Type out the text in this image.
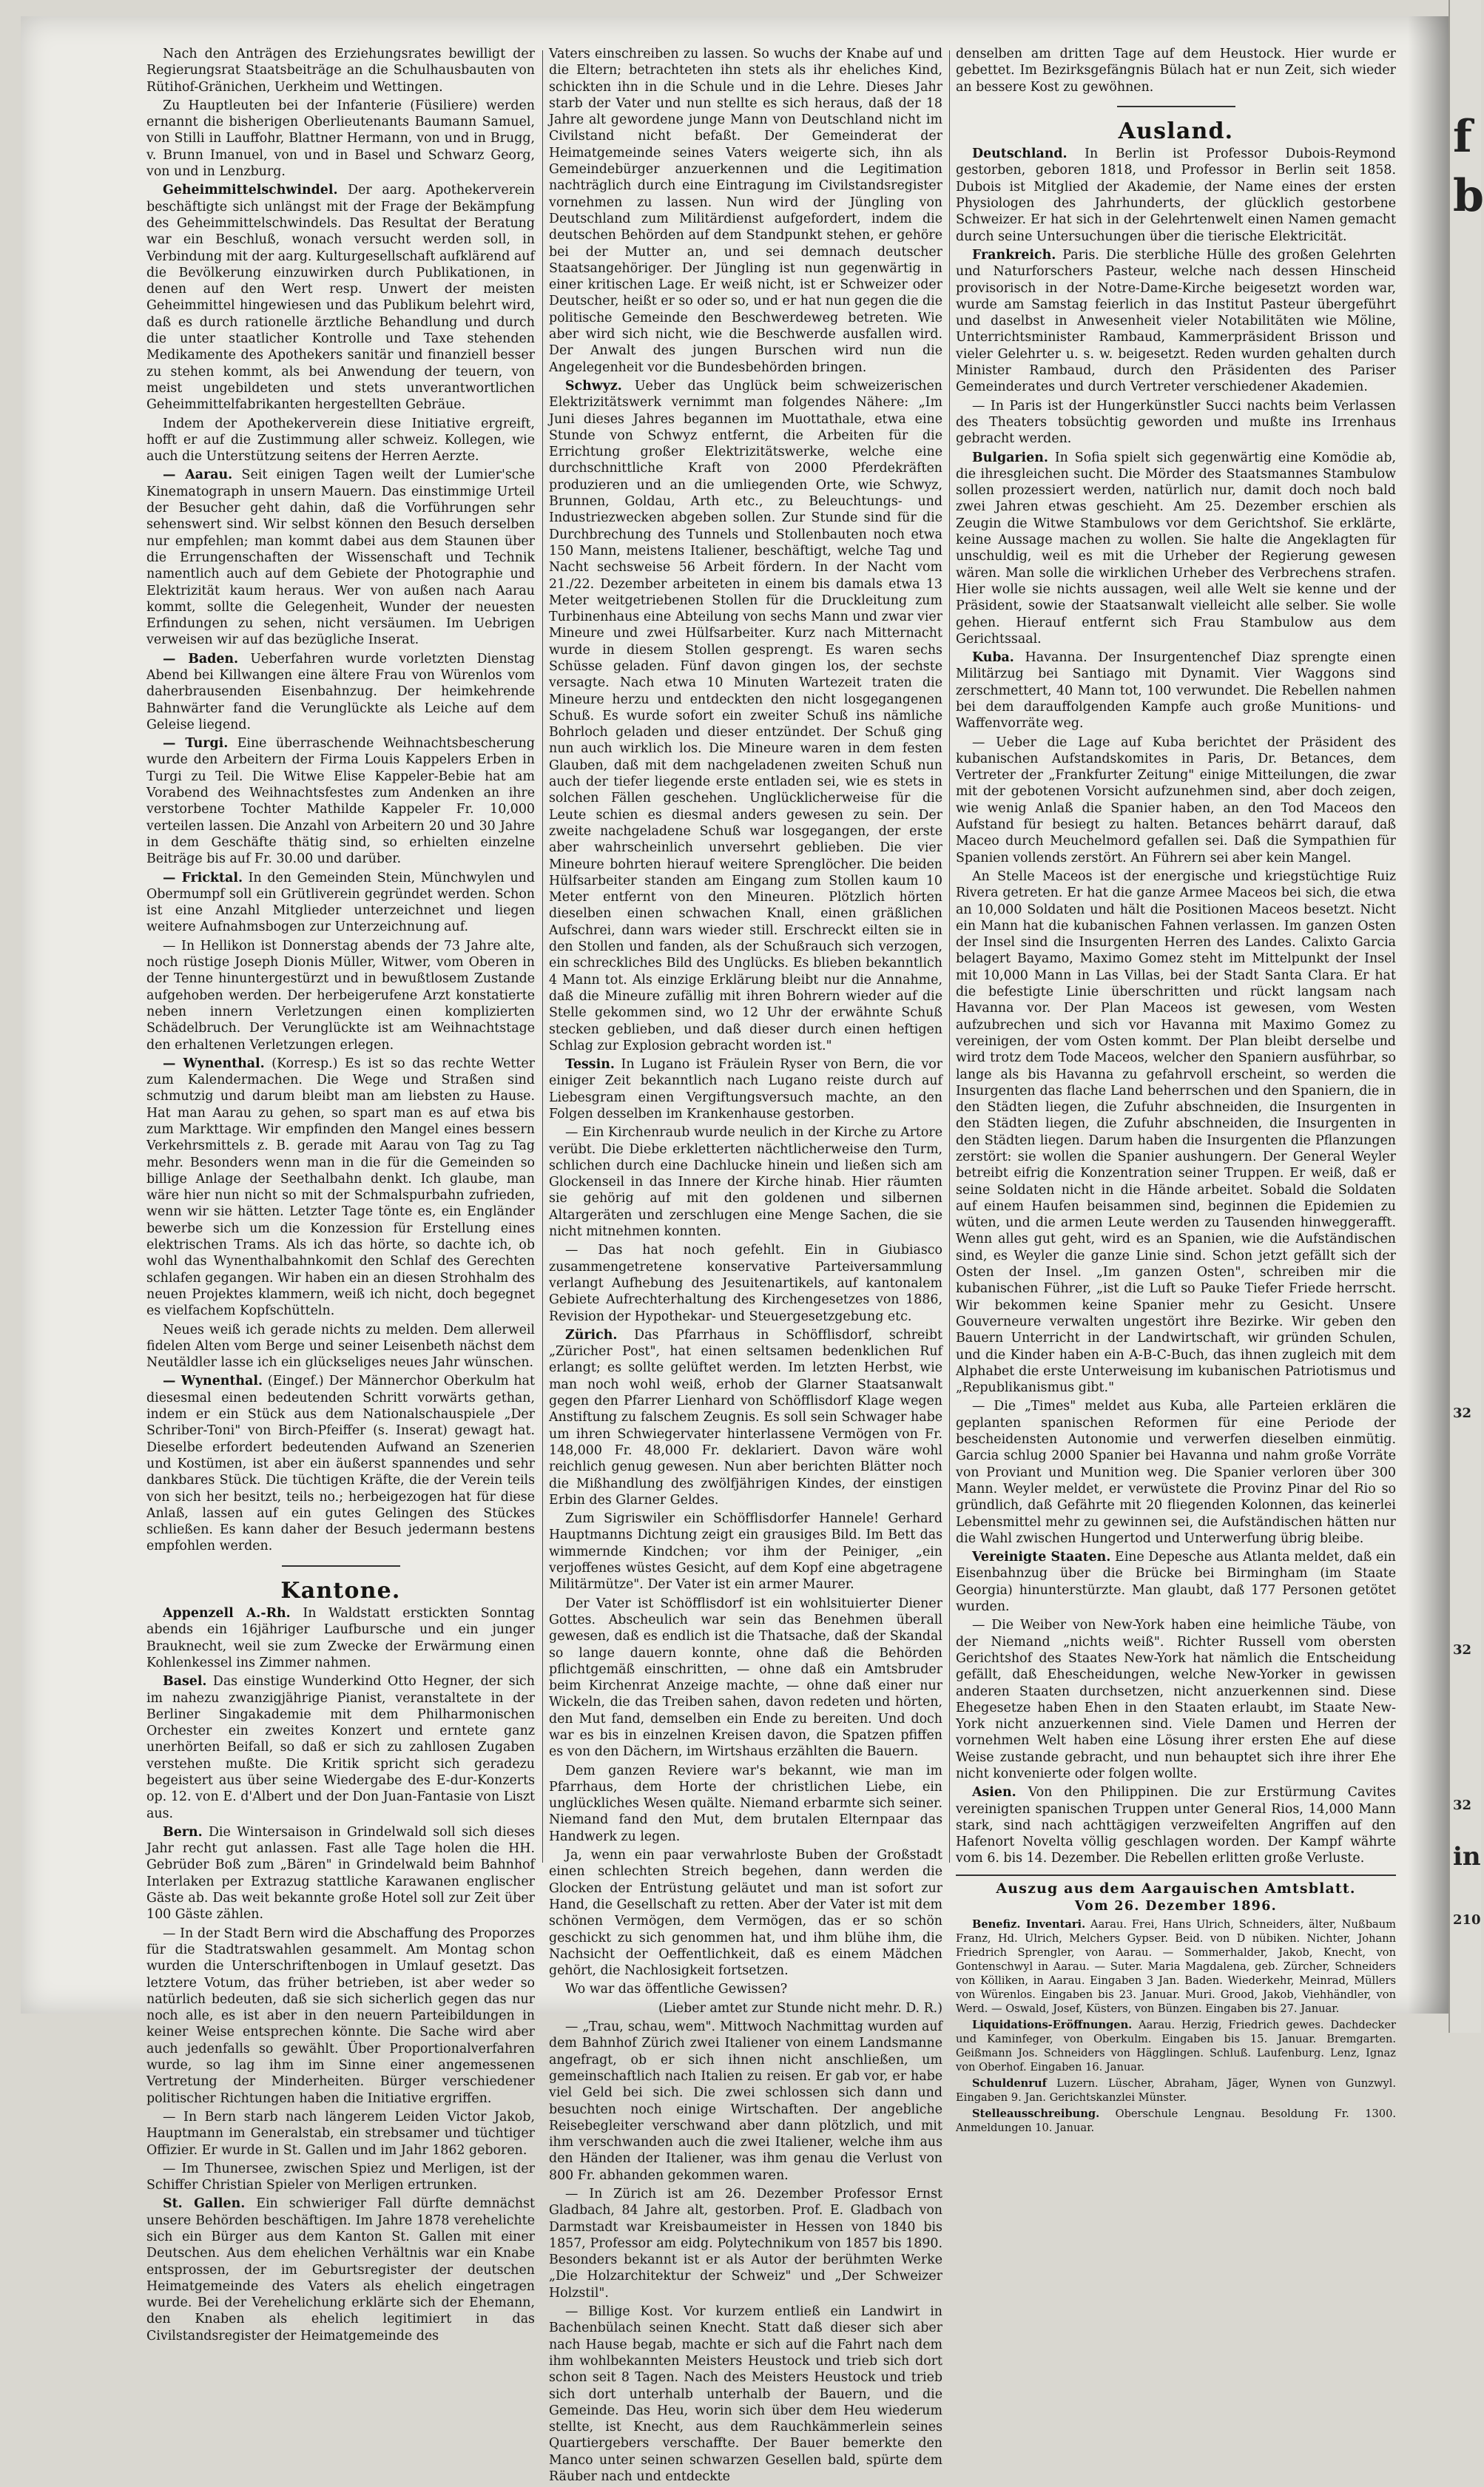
Nach den Anträgen des Erziehungsrates bewilligt der Regierungsrat Staatsbeiträge an die Schulhausbauten von Rütihof-Gränichen, Uerkheim und Wettingen.

Zu Hauptleuten bei der Infanterie (Füsiliere) werden ernannt die bisherigen Oberlieutenants Baumann Samuel, von Stilli in Lauffohr, Blattner Hermann, von und in Brugg, v. Brunn Imanuel, von und in Basel und Schwarz Georg, von und in Lenzburg.

Geheimmittelschwindel. Der aarg. Apothekerverein beschäftigte sich unlängst mit der Frage der Bekämpfung des Geheimmittelschwindels. Das Resultat der Beratung war ein Beschluß, wonach versucht werden soll, in Verbindung mit der aarg. Kulturgesellschaft aufklärend auf die Bevölkerung einzuwirken durch Publikationen, in denen auf den Wert resp. Unwert der meisten Geheimmittel hingewiesen und das Publikum belehrt wird, daß es durch rationelle ärztliche Behandlung und durch die unter staatlicher Kontrolle und Taxe stehenden Medikamente des Apothekers sanitär und finanziell besser zu stehen kommt, als bei Anwendung der teuern, von meist ungebildeten und stets unverantwortlichen Geheimmittelfabrikanten hergestellten Gebräue.

Indem der Apothekerverein diese Initiative ergreift, hofft er auf die Zustimmung aller schweiz. Kollegen, wie auch die Unterstützung seitens der Herren Aerzte.

— Aarau. Seit einigen Tagen weilt der Lumier'sche Kinematograph in unsern Mauern. Das einstimmige Urteil der Besucher geht dahin, daß die Vorführungen sehr sehenswert sind. Wir selbst können den Besuch derselben nur empfehlen; man kommt dabei aus dem Staunen über die Errungenschaften der Wissenschaft und Technik namentlich auch auf dem Gebiete der Photographie und Elektrizität kaum heraus. Wer von außen nach Aarau kommt, sollte die Gelegenheit, Wunder der neuesten Erfindungen zu sehen, nicht versäumen. Im Uebrigen verweisen wir auf das bezügliche Inserat.

— Baden. Ueberfahren wurde vorletzten Dienstag Abend bei Killwangen eine ältere Frau von Würenlos vom daherbrausenden Eisenbahnzug. Der heimkehrende Bahnwärter fand die Verunglückte als Leiche auf dem Geleise liegend.

— Turgi. Eine überraschende Weihnachtsbescherung wurde den Arbeitern der Firma Louis Kappelers Erben in Turgi zu Teil. Die Witwe Elise Kappeler-Bebie hat am Vorabend des Weihnachtsfestes zum Andenken an ihre verstorbene Tochter Mathilde Kappeler Fr. 10,000 verteilen lassen. Die Anzahl von Arbeitern 20 und 30 Jahre in dem Geschäfte thätig sind, so erhielten einzelne Beiträge bis auf Fr. 30.00 und darüber.

— Fricktal. In den Gemeinden Stein, Münchwylen und Obermumpf soll ein Grütliverein gegründet werden. Schon ist eine Anzahl Mitglieder unterzeichnet und liegen weitere Aufnahmsbogen zur Unterzeichnung auf.

— In Hellikon ist Donnerstag abends der 73 Jahre alte, noch rüstige Joseph Dionis Müller, Witwer, vom Oberen in der Tenne hinuntergestürzt und in bewußtlosem Zustande aufgehoben werden. Der herbeigerufene Arzt konstatierte neben innern Verletzungen einen komplizierten Schädelbruch. Der Verunglückte ist am Weihnachtstage den erhaltenen Verletzungen erlegen.

— Wynenthal. (Korresp.) Es ist so das rechte Wetter zum Kalendermachen. Die Wege und Straßen sind schmutzig und darum bleibt man am liebsten zu Hause. Hat man Aarau zu gehen, so spart man es auf etwa bis zum Markttage. Wir empfinden den Mangel eines bessern Verkehrsmittels z. B. gerade mit Aarau von Tag zu Tag mehr. Besonders wenn man in die für die Gemeinden so billige Anlage der Seethalbahn denkt. Ich glaube, man wäre hier nun nicht so mit der Schmalspurbahn zufrieden, wenn wir sie hätten. Letzter Tage tönte es, ein Engländer bewerbe sich um die Konzession für Erstellung eines elektrischen Trams. Als ich das hörte, so dachte ich, ob wohl das Wynenthalbahnkomit den Schlaf des Gerechten schlafen gegangen. Wir haben ein an diesen Strohhalm des neuen Projektes klammern, weiß ich nicht, doch begegnet es vielfachem Kopfschütteln.

Neues weiß ich gerade nichts zu melden. Dem allerweil fidelen Alten vom Berge und seiner Leisenbeth nächst dem Neutäldler lasse ich ein glückseliges neues Jahr wünschen.

— Wynenthal. (Eingef.) Der Männerchor Oberkulm hat diesesmal einen bedeutenden Schritt vorwärts gethan, indem er ein Stück aus dem Nationalschauspiele „Der Schriber-Toni" von Birch-Pfeiffer (s. Inserat) gewagt hat. Dieselbe erfordert bedeutenden Aufwand an Szenerien und Kostümen, ist aber ein äußerst spannendes und sehr dankbares Stück. Die tüchtigen Kräfte, die der Verein teils von sich her besitzt, teils no.; herbeigezogen hat für diese Anlaß, lassen auf ein gutes Gelingen des Stückes schließen. Es kann daher der Besuch jedermann bestens empfohlen werden.

Kantone.

Appenzell A.-Rh. In Waldstatt erstickten Sonntag abends ein 16jähriger Laufbursche und ein junger Brauknecht, weil sie zum Zwecke der Erwärmung einen Kohlenkessel ins Zimmer nahmen.

Basel. Das einstige Wunderkind Otto Hegner, der sich im nahezu zwanzigjährige Pianist, veranstaltete in der Berliner Singakademie mit dem Philharmonischen Orchester ein zweites Konzert und erntete ganz unerhörten Beifall, so daß er sich zu zahllosen Zugaben verstehen mußte. Die Kritik spricht sich geradezu begeistert aus über seine Wiedergabe des E-dur-Konzerts op. 12. von E. d'Albert und der Don Juan-Fantasie von Liszt aus.

Bern. Die Wintersaison in Grindelwald soll sich dieses Jahr recht gut anlassen. Fast alle Tage holen die HH. Gebrüder Boß zum „Bären" in Grindelwald beim Bahnhof Interlaken per Extrazug stattliche Karawanen englischer Gäste ab. Das weit bekannte große Hotel soll zur Zeit über 100 Gäste zählen.

— In der Stadt Bern wird die Abschaffung des Proporzes für die Stadtratswahlen gesammelt. Am Montag schon wurden die Unterschriftenbogen in Umlauf gesetzt. Das letztere Votum, das früher betrieben, ist aber weder so natürlich bedeuten, daß sie sich sicherlich gegen das nur noch alle, es ist aber in den neuern Parteibildungen in keiner Weise entsprechen könnte. Die Sache wird aber auch jedenfalls so gewählt. Über Proportionalverfahren wurde, so lag ihm im Sinne einer angemessenen Vertretung der Minderheiten. Bürger verschiedener politischer Richtungen haben die Initiative ergriffen.

— In Bern starb nach längerem Leiden Victor Jakob, Hauptmann im Generalstab, ein strebsamer und tüchtiger Offizier. Er wurde in St. Gallen und im Jahr 1862 geboren.

— Im Thunersee, zwischen Spiez und Merligen, ist der Schiffer Christian Spieler von Merligen ertrunken.

St. Gallen. Ein schwieriger Fall dürfte demnächst unsere Behörden beschäftigen. Im Jahre 1878 verehelichte sich ein Bürger aus dem Kanton St. Gallen mit einer Deutschen. Aus dem ehelichen Verhältnis war ein Knabe entsprossen, der im Geburtsregister der deutschen Heimatgemeinde des Vaters als ehelich eingetragen wurde. Bei der Verehelichung erklärte sich der Ehemann, den Knaben als ehelich legitimiert in das Civilstandsregister der Heimatgemeinde des

Vaters einschreiben zu lassen. So wuchs der Knabe auf und die Eltern; betrachteten ihn stets als ihr eheliches Kind, schickten ihn in die Schule und in die Lehre. Dieses Jahr starb der Vater und nun stellte es sich heraus, daß der 18 Jahre alt gewordene junge Mann von Deutschland nicht im Civilstand nicht befaßt. Der Gemeinderat der Heimatgemeinde seines Vaters weigerte sich, ihn als Gemeindebürger anzuerkennen und die Legitimation nachträglich durch eine Eintragung im Civilstandsregister vornehmen zu lassen. Nun wird der Jüngling von Deutschland zum Militärdienst aufgefordert, indem die deutschen Behörden auf dem Standpunkt stehen, er gehöre bei der Mutter an, und sei demnach deutscher Staatsangehöriger. Der Jüngling ist nun gegenwärtig in einer kritischen Lage. Er weiß nicht, ist er Schweizer oder Deutscher, heißt er so oder so, und er hat nun gegen die die politische Gemeinde den Beschwerdeweg betreten. Wie aber wird sich nicht, wie die Beschwerde ausfallen wird. Der Anwalt des jungen Burschen wird nun die Angelegenheit vor die Bundesbehörden bringen.

Schwyz. Ueber das Unglück beim schweizerischen Elektrizitätswerk vernimmt man folgendes Nähere: „Im Juni dieses Jahres begannen im Muottathale, etwa eine Stunde von Schwyz entfernt, die Arbeiten für die Errichtung großer Elektrizitätswerke, welche eine durchschnittliche Kraft von 2000 Pferdekräften produzieren und an die umliegenden Orte, wie Schwyz, Brunnen, Goldau, Arth etc., zu Beleuchtungs- und Industriezwecken abgeben sollen. Zur Stunde sind für die Durchbrechung des Tunnels und Stollenbauten noch etwa 150 Mann, meistens Italiener, beschäftigt, welche Tag und Nacht sechsweise 56 Arbeit fördern. In der Nacht vom 21./22. Dezember arbeiteten in einem bis damals etwa 13 Meter weitgetriebenen Stollen für die Druckleitung zum Turbinenhaus eine Abteilung von sechs Mann und zwar vier Mineure und zwei Hülfsarbeiter. Kurz nach Mitternacht wurde in diesem Stollen gesprengt. Es waren sechs Schüsse geladen. Fünf davon gingen los, der sechste versagte. Nach etwa 10 Minuten Wartezeit traten die Mineure herzu und entdeckten den nicht losgegangenen Schuß. Es wurde sofort ein zweiter Schuß ins nämliche Bohrloch geladen und dieser entzündet. Der Schuß ging nun auch wirklich los. Die Mineure waren in dem festen Glauben, daß mit dem nachgeladenen zweiten Schuß nun auch der tiefer liegende erste entladen sei, wie es stets in solchen Fällen geschehen. Unglücklicherweise für die Leute schien es diesmal anders gewesen zu sein. Der zweite nachgeladene Schuß war losgegangen, der erste aber wahrscheinlich unversehrt geblieben. Die vier Mineure bohrten hierauf weitere Sprenglöcher. Die beiden Hülfsarbeiter standen am Eingang zum Stollen kaum 10 Meter entfernt von den Mineuren. Plötzlich hörten dieselben einen schwachen Knall, einen gräßlichen Aufschrei, dann wars wieder still. Erschreckt eilten sie in den Stollen und fanden, als der Schußrauch sich verzogen, ein schreckliches Bild des Unglücks. Es blieben bekanntlich 4 Mann tot. Als einzige Erklärung bleibt nur die Annahme, daß die Mineure zufällig mit ihren Bohrern wieder auf die Stelle gekommen sind, wo 12 Uhr der erwähnte Schuß stecken geblieben, und daß dieser durch einen heftigen Schlag zur Explosion gebracht worden ist."

Tessin. In Lugano ist Fräulein Ryser von Bern, die vor einiger Zeit bekanntlich nach Lugano reiste durch auf Liebesgram einen Vergiftungsversuch machte, an den Folgen desselben im Krankenhause gestorben.

— Ein Kirchenraub wurde neulich in der Kirche zu Artore verübt. Die Diebe erkletterten nächtlicherweise den Turm, schlichen durch eine Dachlucke hinein und ließen sich am Glockenseil in das Innere der Kirche hinab. Hier räumten sie gehörig auf mit den goldenen und silbernen Altargeräten und zerschlugen eine Menge Sachen, die sie nicht mitnehmen konnten.

— Das hat noch gefehlt. Ein in Giubiasco zusammengetretene konservative Parteiversammlung verlangt Aufhebung des Jesuitenartikels, auf kantonalem Gebiete Aufrechterhaltung des Kirchengesetzes von 1886, Revision der Hypothekar- und Steuergesetzgebung etc.

Zürich. Das Pfarrhaus in Schöfflisdorf, schreibt „Züricher Post", hat einen seltsamen bedenklichen Ruf erlangt; es sollte gelüftet werden. Im letzten Herbst, wie man noch wohl weiß, erhob der Glarner Staatsanwalt gegen den Pfarrer Lienhard von Schöfflisdorf Klage wegen Anstiftung zu falschem Zeugnis. Es soll sein Schwager habe um ihren Schwiegervater hinterlassene Vermögen von Fr. 148,000 Fr. 48,000 Fr. deklariert. Davon wäre wohl reichlich genug gewesen. Nun aber berichten Blätter noch die Mißhandlung des zwölfjährigen Kindes, der einstigen Erbin des Glarner Geldes.

Zum Sigriswiler ein Schöfflisdorfer Hannele! Gerhard Hauptmanns Dichtung zeigt ein grausiges Bild. Im Bett das wimmernde Kindchen; vor ihm der Peiniger, „ein verjoffenes wüstes Gesicht, auf dem Kopf eine abgetragene Militärmütze". Der Vater ist ein armer Maurer.

Der Vater ist Schöfflisdorf ist ein wohlsituierter Diener Gottes. Abscheulich war sein das Benehmen überall gewesen, daß es endlich ist die Thatsache, daß der Skandal so lange dauern konnte, ohne daß die Behörden pflichtgemäß einschritten, — ohne daß ein Amtsbruder beim Kirchenrat Anzeige machte, — ohne daß einer nur Wickeln, die das Treiben sahen, davon redeten und hörten, den Mut fand, demselben ein Ende zu bereiten. Und doch war es bis in einzelnen Kreisen davon, die Spatzen pfiffen es von den Dächern, im Wirtshaus erzählten die Bauern.

Dem ganzen Reviere war's bekannt, wie man im Pfarrhaus, dem Horte der christlichen Liebe, ein unglückliches Wesen quälte. Niemand erbarmte sich seiner. Niemand fand den Mut, dem brutalen Elternpaar das Handwerk zu legen.

Ja, wenn ein paar verwahrloste Buben der Großstadt einen schlechten Streich begehen, dann werden die Glocken der Entrüstung geläutet und man ist sofort zur Hand, die Gesellschaft zu retten. Aber der Vater ist mit dem schönen Vermögen, dem Vermögen, das er so schön geschickt zu sich genommen hat, und ihm blühe ihm, die Nachsicht der Oeffentlichkeit, daß es einem Mädchen gehört, die Nachlosigkeit fortsetzen.

Wo war das öffentliche Gewissen?

(Lieber amtet zur Stunde nicht mehr. D. R.)

— „Trau, schau, wem". Mittwoch Nachmittag wurden auf dem Bahnhof Zürich zwei Italiener von einem Landsmanne angefragt, ob er sich ihnen nicht anschließen, um gemeinschaftlich nach Italien zu reisen. Er gab vor, er habe viel Geld bei sich. Die zwei schlossen sich dann und besuchten noch einige Wirtschaften. Der angebliche Reisebegleiter verschwand aber dann plötzlich, und mit ihm verschwanden auch die zwei Italiener, welche ihm aus den Händen der Italiener, was ihm genau die Verlust von 800 Fr. abhanden gekommen waren.

— In Zürich ist am 26. Dezember Professor Ernst Gladbach, 84 Jahre alt, gestorben. Prof. E. Gladbach von Darmstadt war Kreisbaumeister in Hessen von 1840 bis 1857, Professor am eidg. Polytechnikum von 1857 bis 1890. Besonders bekannt ist er als Autor der berühmten Werke „Die Holzarchitektur der Schweiz" und „Der Schweizer Holzstil".

— Billige Kost. Vor kurzem entließ ein Landwirt in Bachenbülach seinen Knecht. Statt daß dieser sich aber nach Hause begab, machte er sich auf die Fahrt nach dem ihm wohlbekannten Meisters Heustock und trieb sich dort schon seit 8 Tagen. Nach des Meisters Heustock und trieb sich dort unterhalb unterhalb der Bauern, und die Gemeinde. Das Heu, worin sich über dem Heu wiederum stellte, ist Knecht, aus dem Rauchkämmerlein seines Quartiergebers verschaffte. Der Bauer bemerkte den Manco unter seinen schwarzen Gesellen bald, spürte dem Räuber nach und entdeckte

denselben am dritten Tage auf dem Heustock. Hier wurde er gebettet. Im Bezirksgefängnis Bülach hat er nun Zeit, sich wieder an bessere Kost zu gewöhnen.

Ausland.

Deutschland. In Berlin ist Professor Dubois-Reymond gestorben, geboren 1818, und Professor in Berlin seit 1858. Dubois ist Mitglied der Akademie, der Name eines der ersten Physiologen des Jahrhunderts, der glücklich gestorbene Schweizer. Er hat sich in der Gelehrtenwelt einen Namen gemacht durch seine Untersuchungen über die tierische Elektricität.

Frankreich. Paris. Die sterbliche Hülle des großen Gelehrten und Naturforschers Pasteur, welche nach dessen Hinscheid provisorisch in der Notre-Dame-Kirche beigesetzt worden war, wurde am Samstag feierlich in das Institut Pasteur übergeführt und daselbst in Anwesenheit vieler Notabilitäten wie Möline, Unterrichtsminister Rambaud, Kammerpräsident Brisson und vieler Gelehrter u. s. w. beigesetzt. Reden wurden gehalten durch Minister Rambaud, durch den Präsidenten des Pariser Gemeinderates und durch Vertreter verschiedener Akademien.

— In Paris ist der Hungerkünstler Succi nachts beim Verlassen des Theaters tobsüchtig geworden und mußte ins Irrenhaus gebracht werden.

Bulgarien. In Sofia spielt sich gegenwärtig eine Komödie ab, die ihresgleichen sucht. Die Mörder des Staatsmannes Stambulow sollen prozessiert werden, natürlich nur, damit doch noch bald zwei Jahren etwas geschieht. Am 25. Dezember erschien als Zeugin die Witwe Stambulows vor dem Gerichtshof. Sie erklärte, keine Aussage machen zu wollen. Sie halte die Angeklagten für unschuldig, weil es mit die Urheber der Regierung gewesen wären. Man solle die wirklichen Urheber des Verbrechens strafen. Hier wolle sie nichts aussagen, weil alle Welt sie kenne und der Präsident, sowie der Staatsanwalt vielleicht alle selber. Sie wolle gehen. Hierauf entfernt sich Frau Stambulow aus dem Gerichtssaal.

Kuba. Havanna. Der Insurgentenchef Diaz sprengte einen Militärzug bei Santiago mit Dynamit. Vier Waggons sind zerschmettert, 40 Mann tot, 100 verwundet. Die Rebellen nahmen bei dem darauffolgenden Kampfe auch große Munitions- und Waffenvorräte weg.

— Ueber die Lage auf Kuba berichtet der Präsident des kubanischen Aufstandskomites in Paris, Dr. Betances, dem Vertreter der „Frankfurter Zeitung" einige Mitteilungen, die zwar mit der gebotenen Vorsicht aufzunehmen sind, aber doch zeigen, wie wenig Anlaß die Spanier haben, an den Tod Maceos den Aufstand für besiegt zu halten. Betances behärrt darauf, daß Maceo durch Meuchelmord gefallen sei. Daß die Sympathien für Spanien vollends zerstört. An Führern sei aber kein Mangel.

An Stelle Maceos ist der energische und kriegstüchtige Ruiz Rivera getreten. Er hat die ganze Armee Maceos bei sich, die etwa an 10,000 Soldaten und hält die Positionen Maceos besetzt. Nicht ein Mann hat die kubanischen Fahnen verlassen. Im ganzen Osten der Insel sind die Insurgenten Herren des Landes. Calixto Garcia belagert Bayamo, Maximo Gomez steht im Mittelpunkt der Insel mit 10,000 Mann in Las Villas, bei der Stadt Santa Clara. Er hat die befestigte Linie überschritten und rückt langsam nach Havanna vor. Der Plan Maceos ist gewesen, vom Westen aufzubrechen und sich vor Havanna mit Maximo Gomez zu vereinigen, der vom Osten kommt. Der Plan bleibt derselbe und wird trotz dem Tode Maceos, welcher den Spaniern ausführbar, so lange als bis Havanna zu gefahrvoll erscheint, so werden die Insurgenten das flache Land beherrschen und den Spaniern, die in den Städten liegen, die Zufuhr abschneiden, die Insurgenten in den Städten liegen, die Zufuhr abschneiden, die Insurgenten in den Städten liegen. Darum haben die Insurgenten die Pflanzungen zerstört: sie wollen die Spanier aushungern. Der General Weyler betreibt eifrig die Konzentration seiner Truppen. Er weiß, daß er seine Soldaten nicht in die Hände arbeitet. Sobald die Soldaten auf einem Haufen beisammen sind, beginnen die Epidemien zu wüten, und die armen Leute werden zu Tausenden hinweggerafft. Wenn alles gut geht, wird es an Spanien, wie die Aufständischen sind, es Weyler die ganze Linie sind. Schon jetzt gefällt sich der Osten der Insel. „Im ganzen Osten", schreiben mir die kubanischen Führer, „ist die Luft so Pauke Tiefer Friede herrscht. Wir bekommen keine Spanier mehr zu Gesicht. Unsere Gouverneure verwalten ungestört ihre Bezirke. Wir geben den Bauern Unterricht in der Landwirtschaft, wir gründen Schulen, und die Kinder haben ein A-B-C-Buch, das ihnen zugleich mit dem Alphabet die erste Unterweisung im kubanischen Patriotismus und „Republikanismus gibt."

— Die „Times" meldet aus Kuba, alle Parteien erklären die geplanten spanischen Reformen für eine Periode der bescheidensten Autonomie und verwerfen dieselben einmütig. Garcia schlug 2000 Spanier bei Havanna und nahm große Vorräte von Proviant und Munition weg. Die Spanier verloren über 300 Mann. Weyler meldet, er verwüstete die Provinz Pinar del Rio so gründlich, daß Gefährte mit 20 fliegenden Kolonnen, das keinerlei Lebensmittel mehr zu gewinnen sei, die Aufständischen hätten nur die Wahl zwischen Hungertod und Unterwerfung übrig bleibe.

Vereinigte Staaten. Eine Depesche aus Atlanta meldet, daß ein Eisenbahnzug über die Brücke bei Birmingham (im Staate Georgia) hinunterstürzte. Man glaubt, daß 177 Personen getötet wurden.

— Die Weiber von New-York haben eine heimliche Täube, von der Niemand „nichts weiß". Richter Russell vom obersten Gerichtshof des Staates New-York hat nämlich die Entscheidung gefällt, daß Ehescheidungen, welche New-Yorker in gewissen anderen Staaten durchsetzen, nicht anzuerkennen sind. Diese Ehegesetze haben Ehen in den Staaten erlaubt, im Staate New-York nicht anzuerkennen sind. Viele Damen und Herren der vornehmen Welt haben eine Lösung ihrer ersten Ehe auf diese Weise zustande gebracht, und nun behauptet sich ihre ihrer Ehe nicht konvenierte oder folgen wollte.

Asien. Von den Philippinen. Die zur Erstürmung Cavites vereinigten spanischen Truppen unter General Rios, 14,000 Mann stark, sind nach achttägigen verzweifelten Angriffen auf den Hafenort Novelta völlig geschlagen worden. Der Kampf währte vom 6. bis 14. Dezember. Die Rebellen erlitten große Verluste.

Auszug aus dem Aargauischen Amtsblatt.
Vom 26. Dezember 1896.

Benefiz. Inventari. Aarau. Frei, Hans Ulrich, Schneiders, älter, Nußbaum Franz, Hd. Ulrich, Melchers Gypser. Beid. von D nübiken. Nichter, Johann Friedrich Sprengler, von Aarau. — Sommerhalder, Jakob, Knecht, von Gontenschwyl in Aarau. — Suter. Maria Magdalena, geb. Zürcher, Schneiders von Kölliken, in Aarau. Eingaben 3 Jan. Baden. Wiederkehr, Meinrad, Müllers von Würenlos. Eingaben bis 23. Januar. Muri. Grood, Jakob, Viehhändler, von Werd. — Oswald, Josef, Küsters, von Bünzen. Eingaben bis 27. Januar.

Liquidations-Eröffnungen. Aarau. Herzig, Friedrich gewes. Dachdecker und Kaminfeger, von Oberkulm. Eingaben bis 15. Januar. Bremgarten. Geißmann Jos. Schneiders von Hägglingen. Schluß. Laufenburg. Lenz, Ignaz von Oberhof. Eingaben 16. Januar.

Schuldenruf Luzern. Lüscher, Abraham, Jäger, Wynen von Gunzwyl. Eingaben 9. Jan. Gerichtskanzlei Münster.

Stelleausschreibung. Oberschule Lengnau. Besoldung Fr. 1300. Anmeldungen 10. Januar.

f
b
32
32
32
in
210
